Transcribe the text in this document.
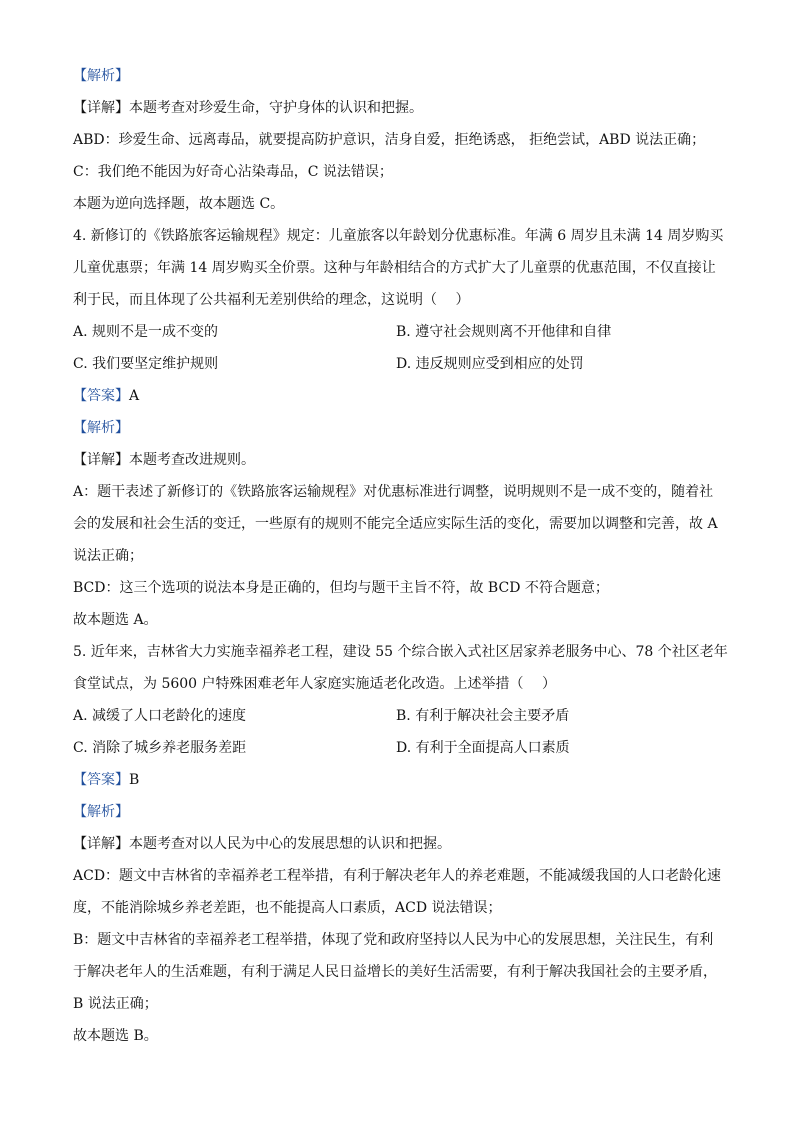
【解析】
【详解】本题考查对珍爱生命，守护身体的认识和把握。
ABD：珍爱生命、远离毒品，就要提高防护意识，洁身自爱，拒绝诱惑， 拒绝尝试，ABD 说法正确；
C：我们绝不能因为好奇心沾染毒品，C 说法错误；
本题为逆向选择题，故本题选 C。
4. 新修订的《铁路旅客运输规程》规定：儿童旅客以年龄划分优惠标准。年满 6 周岁且未满 14 周岁购买
儿童优惠票；年满 14 周岁购买全价票。这种与年龄相结合的方式扩大了儿童票的优惠范围，不仅直接让
利于民，而且体现了公共福利无差别供给的理念，这说明（　 ）
A. 规则不是一成不变的	B. 遵守社会规则离不开他律和自律
C. 我们要坚定维护规则	D. 违反规则应受到相应的处罚
【答案】A
【解析】
【详解】本题考查改进规则。
A：题干表述了新修订的《铁路旅客运输规程》对优惠标准进行调整，说明规则不是一成不变的，随着社
会的发展和社会生活的变迁，一些原有的规则不能完全适应实际生活的变化，需要加以调整和完善，故 A
说法正确；
BCD：这三个选项的说法本身是正确的，但均与题干主旨不符，故 BCD 不符合题意；
故本题选 A。
5. 近年来，吉林省大力实施幸福养老工程，建设 55 个综合嵌入式社区居家养老服务中心、78 个社区老年
食堂试点，为 5600 户特殊困难老年人家庭实施适老化改造。上述举措（　 ）
A. 减缓了人口老龄化的速度	B. 有利于解决社会主要矛盾
C. 消除了城乡养老服务差距	D. 有利于全面提高人口素质
【答案】B
【解析】
【详解】本题考查对以人民为中心的发展思想的认识和把握。
ACD：题文中吉林省的幸福养老工程举措，有利于解决老年人的养老难题，不能减缓我国的人口老龄化速
度，不能消除城乡养老差距，也不能提高人口素质，ACD 说法错误；
B：题文中吉林省的幸福养老工程举措，体现了党和政府坚持以人民为中心的发展思想，关注民生，有利
于解决老年人的生活难题，有利于满足人民日益增长的美好生活需要，有利于解决我国社会的主要矛盾，
B 说法正确；
故本题选 B。
